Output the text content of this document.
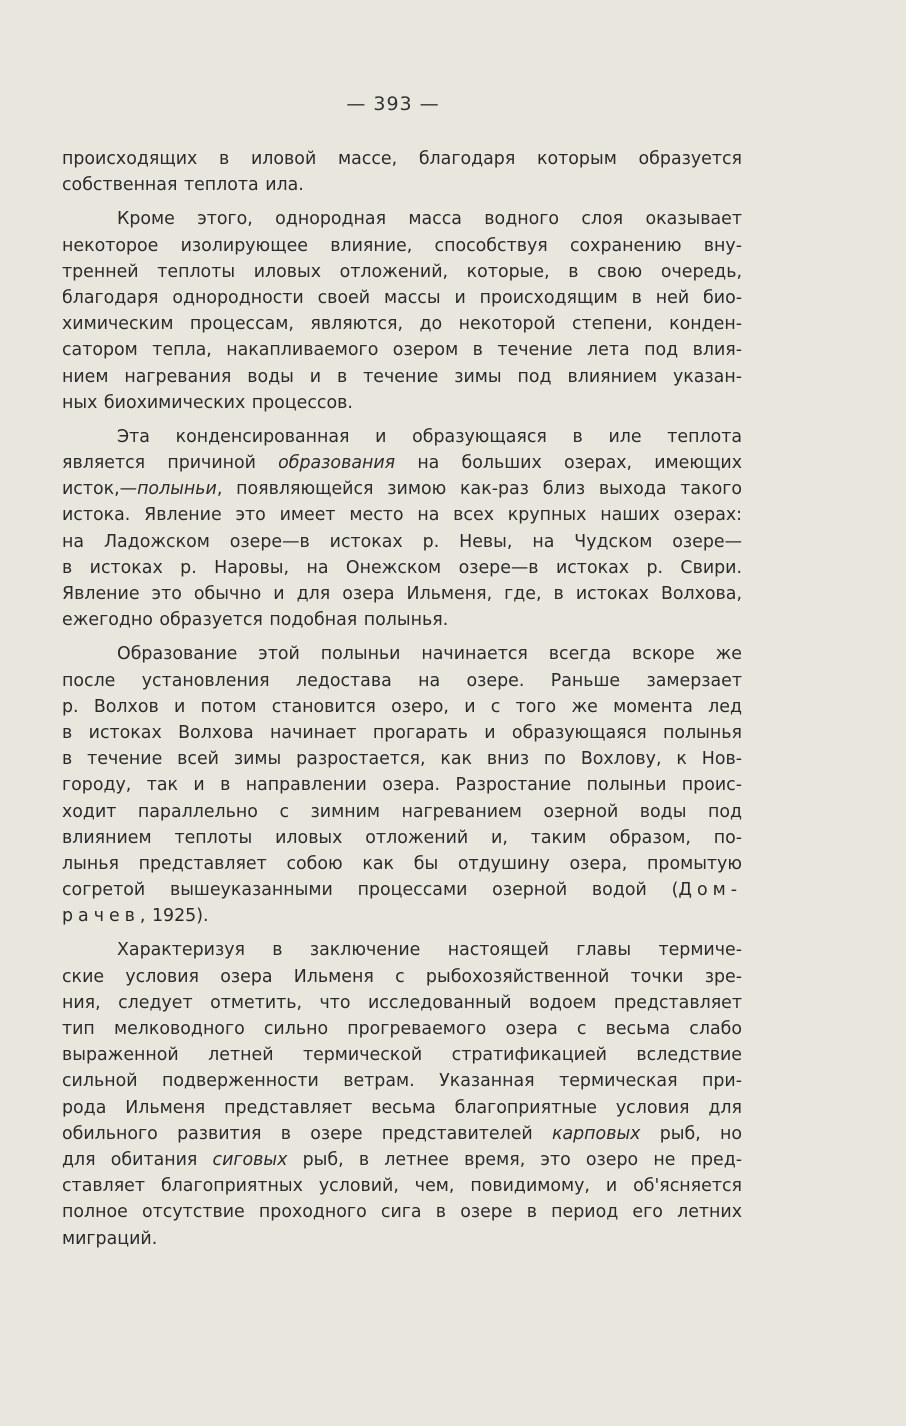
— 393 —

происходящих в иловой массе, благодаря которым образуется
собственная теплота ила.

Кроме этого, однородная масса водного слоя оказывает
некоторое изолирующее влияние, способствуя сохранению вну-
тренней теплоты иловых отложений, которые, в свою очередь,
благодаря однородности своей массы и происходящим в ней био-
химическим процессам, являются, до некоторой степени, конден-
сатором тепла, накапливаемого озером в течение лета под влия-
нием нагревания воды и в течение зимы под влиянием указан-
ных биохимических процессов.

Эта конденсированная и образующаяся в иле теплота
является причиной образования на больших озерах, имеющих
исток,—полыньи, появляющейся зимою как-раз близ выхода такого
истока. Явление это имеет место на всех крупных наших озерах:
на Ладожском озере—в истоках р. Невы, на Чудском озере—
в истоках р. Наровы, на Онежском озере—в истоках р. Свири.
Явление это обычно и для озера Ильменя, где, в истоках Волхова,
ежегодно образуется подобная полынья.

Образование этой полыньи начинается всегда вскоре же
после установления ледостава на озере. Раньше замерзает
р. Волхов и потом становится озеро, и с того же момента лед
в истоках Волхова начинает прогарать и образующаяся полынья
в течение всей зимы разростается, как вниз по Вохлову, к Нов-
городу, так и в направлении озера. Разростание полыньи проис-
ходит параллельно с зимним нагреванием озерной воды под
влиянием теплоты иловых отложений и, таким образом, по-
лынья представляет собою как бы отдушину озера, промытую
согретой вышеуказанными процессами озерной водой (Дом-
рачев, 1925).

Характеризуя в заключение настоящей главы термиче-
ские условия озера Ильменя с рыбохозяйственной точки зре-
ния, следует отметить, что исследованный водоем представляет
тип мелководного сильно прогреваемого озера с весьма слабо
выраженной летней термической стратификацией вследствие
сильной подверженности ветрам. Указанная термическая при-
рода Ильменя представляет весьма благоприятные условия для
обильного развития в озере представителей карповых рыб, но
для обитания сиговых рыб, в летнее время, это озеро не пред-
ставляет благоприятных условий, чем, повидимому, и об'ясняется
полное отсутствие проходного сига в озере в период его летних
миграций.
